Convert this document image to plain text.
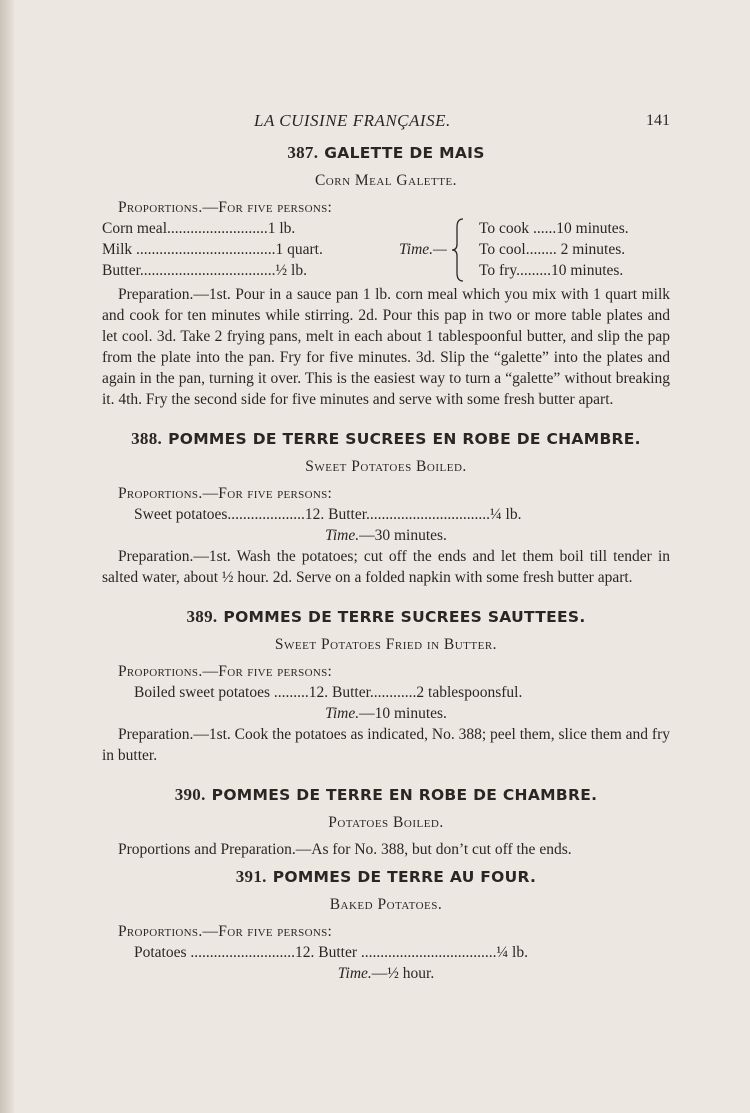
LA CUISINE FRANÇAISE.	141
387. GALETTE DE MAIS
Corn Meal Galette.
Proportions.—For five persons:
Corn meal..........................1 lb.
Milk ....................................1 quart.
Butter...................................½ lb.
Time.—
To cook ......10 minutes.
To cool........ 2 minutes.
To fry.........10 minutes.
Preparation.—1st. Pour in a sauce pan 1 lb. corn meal which you mix with 1 quart milk and cook for ten minutes while stirring. 2d. Pour this pap in two or more table plates and let cool. 3d. Take 2 frying pans, melt in each about 1 tablespoonful butter, and slip the pap from the plate into the pan. Fry for five minutes. 3d. Slip the “galette” into the plates and again in the pan, turning it over. This is the easiest way to turn a “galette” without breaking it. 4th. Fry the second side for five minutes and serve with some fresh butter apart.
388. POMMES DE TERRE SUCREES EN ROBE DE CHAMBRE.
Sweet Potatoes Boiled.
Proportions.—For five persons:
Sweet potatoes....................12. Butter................................¼ lb.
Time.—30 minutes.
Preparation.—1st. Wash the potatoes; cut off the ends and let them boil till tender in salted water, about ½ hour. 2d. Serve on a folded napkin with some fresh butter apart.
389. POMMES DE TERRE SUCREES SAUTTEES.
Sweet Potatoes Fried in Butter.
Proportions.—For five persons:
Boiled sweet potatoes .........12. Butter............2 tablespoonsful.
Time.—10 minutes.
Preparation.—1st. Cook the potatoes as indicated, No. 388; peel them, slice them and fry in butter.
390. POMMES DE TERRE EN ROBE DE CHAMBRE.
Potatoes Boiled.
Proportions and Preparation.—As for No. 388, but don’t cut off the ends.
391. POMMES DE TERRE AU FOUR.
Baked Potatoes.
Proportions.—For five persons:
Potatoes ...........................12. Butter ...................................¼ lb.
Time.—½ hour.
